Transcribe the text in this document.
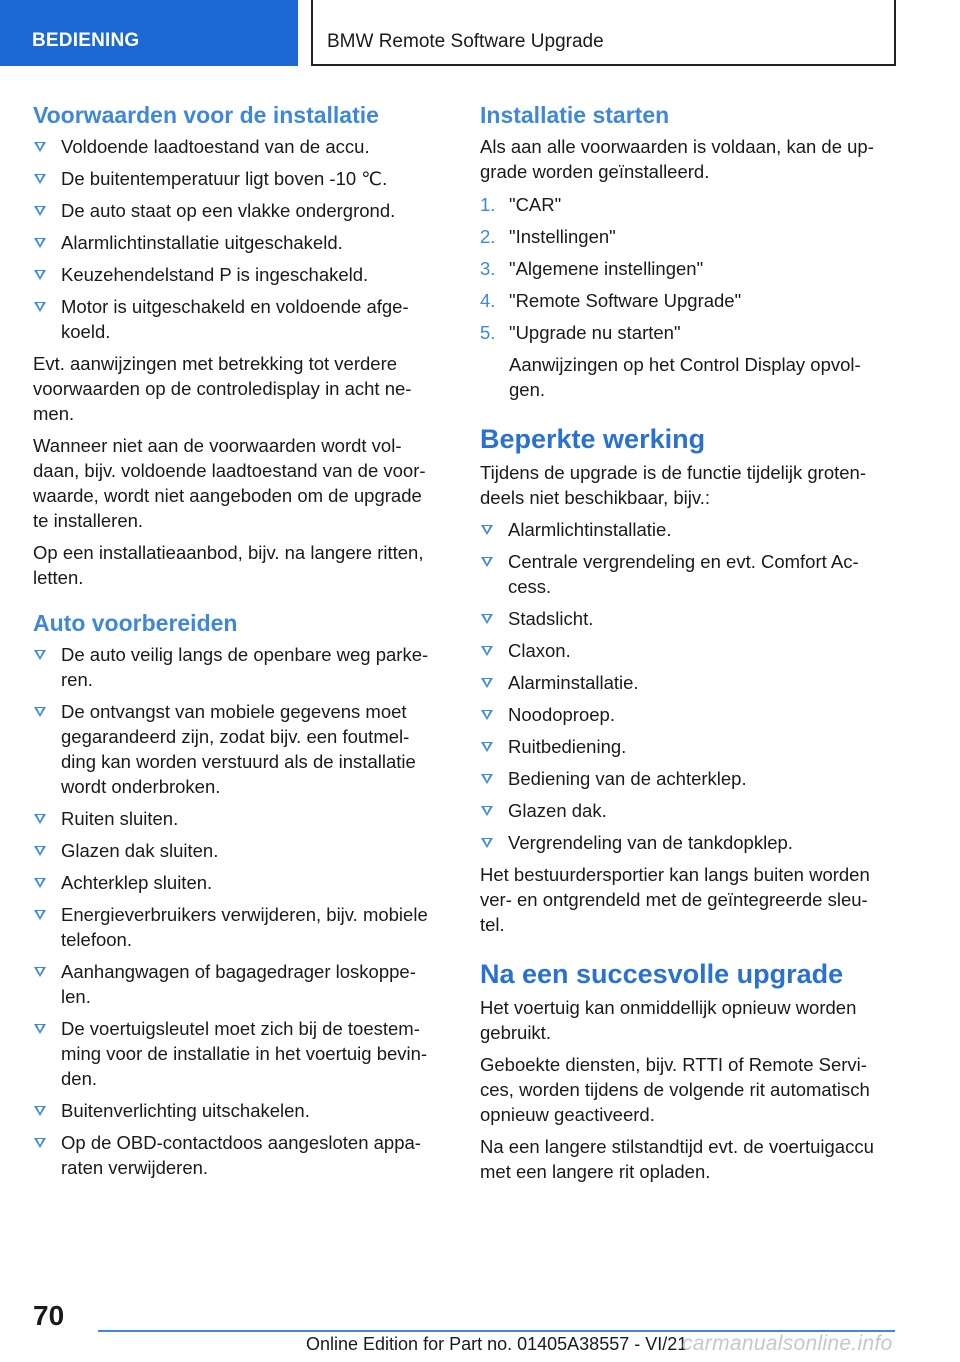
BEDIENING	BMW Remote Software Upgrade
Voorwaarden voor de installatie
Voldoende laadtoestand van de accu.
De buitentemperatuur ligt boven -10 ℃.
De auto staat op een vlakke ondergrond.
Alarmlichtinstallatie uitgeschakeld.
Keuzehendelstand P is ingeschakeld.
Motor is uitgeschakeld en voldoende afge‐ koeld.

Evt. aanwijzingen met betrekking tot verdere voorwaarden op de controledisplay in acht ne‐ men.

Wanneer niet aan de voorwaarden wordt vol‐ daan, bijv. voldoende laadtoestand van de voor‐ waarde, wordt niet aangeboden om de upgrade te installeren.

Op een installatieaanbod, bijv. na langere ritten, letten.

Auto voorbereiden
De auto veilig langs de openbare weg parke‐ ren.
De ontvangst van mobiele gegevens moet gegarandeerd zijn, zodat bijv. een foutmel‐ ding kan worden verstuurd als de installatie wordt onderbroken.
Ruiten sluiten.
Glazen dak sluiten.
Achterklep sluiten.
Energieverbruikers verwijderen, bijv. mobiele telefoon.
Aanhangwagen of bagagedrager loskoppe‐ len.
De voertuigsleutel moet zich bij de toestem‐ ming voor de installatie in het voertuig bevin‐ den.
Buitenverlichting uitschakelen.
Op de OBD-contactdoos aangesloten appa‐ raten verwijderen.
Installatie starten

Als aan alle voorwaarden is voldaan, kan de up‐ grade worden geïnstalleerd.

1. "CAR"
2. "Instellingen"
3. "Algemene instellingen"
4. "Remote Software Upgrade"
5. "Upgrade nu starten"
Aanwijzingen op het Control Display opvol‐ gen.
Beperkte werking

Tijdens de upgrade is de functie tijdelijk groten‐ deels niet beschikbaar, bijv.:

Alarmlichtinstallatie.
Centrale vergrendeling en evt. Comfort Ac‐ cess.
Stadslicht.
Claxon.
Alarminstallatie.
Noodoproep.
Ruitbediening.
Bediening van de achterklep.
Glazen dak.
Vergrendeling van de tankdopklep.

Het bestuurdersportier kan langs buiten worden ver- en ontgrendeld met de geïntegreerde sleu‐ tel.

Na een succesvolle upgrade

Het voertuig kan onmiddellijk opnieuw worden gebruikt.

Geboekte diensten, bijv. RTTI of Remote Servi‐ ces, worden tijdens de volgende rit automatisch opnieuw geactiveerd.

Na een langere stilstandtijd evt. de voertuigaccu met een langere rit opladen.

70
Online Edition for Part no. 01405A38557 - VI/21
carmanualsonline.info
